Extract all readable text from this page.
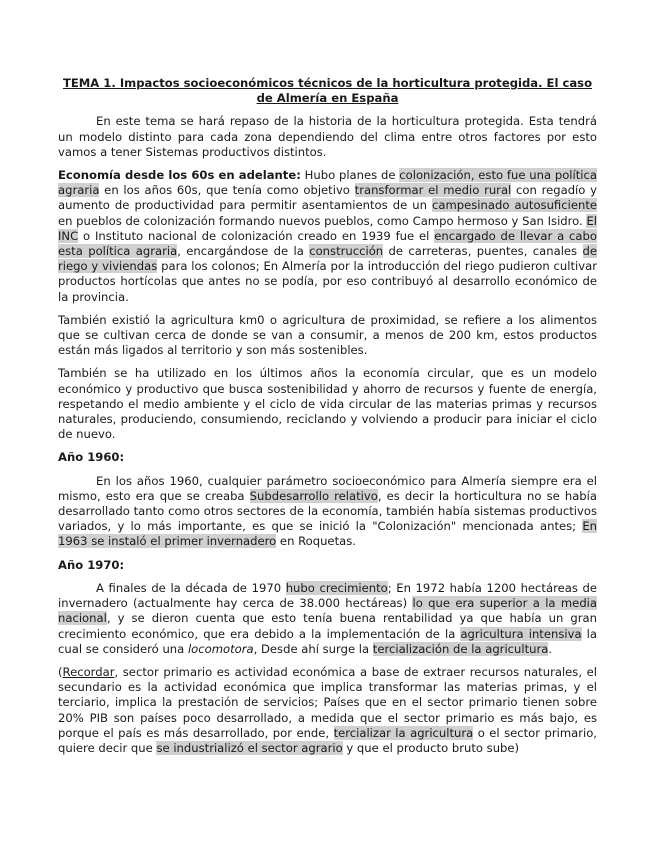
TEMA 1. Impactos socioeconómicos técnicos de la horticultura protegida. El caso de Almería en España

En este tema se hará repaso de la historia de la horticultura protegida. Esta tendrá un modelo distinto para cada zona dependiendo del clima entre otros factores por esto vamos a tener Sistemas productivos distintos.

Economía desde los 60s en adelante: Hubo planes de colonización, esto fue una política agraria en los años 60s, que tenía como objetivo transformar el medio rural con regadío y aumento de productividad para permitir asentamientos de un campesinado autosuficiente en pueblos de colonización formando nuevos pueblos, como Campo hermoso y San Isidro. El INC o Instituto nacional de colonización creado en 1939 fue el encargado de llevar a cabo esta política agraria, encargándose de la construcción de carreteras, puentes, canales de riego y viviendas para los colonos; En Almería por la introducción del riego pudieron cultivar productos hortícolas que antes no se podía, por eso contribuyó al desarrollo económico de la provincia.

También existió la agricultura km0 o agricultura de proximidad, se refiere a los alimentos que se cultivan cerca de donde se van a consumir, a menos de 200 km, estos productos están más ligados al territorio y son más sostenibles.

También se ha utilizado en los últimos años la economía circular, que es un modelo económico y productivo que busca sostenibilidad y ahorro de recursos y fuente de energía, respetando el medio ambiente y el ciclo de vida circular de las materias primas y recursos naturales, produciendo, consumiendo, reciclando y volviendo a producir para iniciar el ciclo de nuevo.

Año 1960:

En los años 1960, cualquier parámetro socioeconómico para Almería siempre era el mismo, esto era que se creaba Subdesarrollo relativo, es decir la horticultura no se había desarrollado tanto como otros sectores de la economía, también había sistemas productivos variados, y lo más importante, es que se inició la "Colonización" mencionada antes; En 1963 se instaló el primer invernadero en Roquetas.

Año 1970:

A finales de la década de 1970 hubo crecimiento; En 1972 había 1200 hectáreas de invernadero (actualmente hay cerca de 38.000 hectáreas) lo que era superior a la media nacional, y se dieron cuenta que esto tenía buena rentabilidad ya que había un gran crecimiento económico, que era debido a la implementación de la agricultura intensiva la cual se consideró una locomotora, Desde ahí surge la tercialización de la agricultura.

(Recordar, sector primario es actividad económica a base de extraer recursos naturales, el secundario es la actividad económica que implica transformar las materias primas, y el terciario, implica la prestación de servicios; Países que en el sector primario tienen sobre 20% PIB son países poco desarrollado, a medida que el sector primario es más bajo, es porque el país es más desarrollado, por ende, tercializar la agricultura o el sector primario, quiere decir que se industrializó el sector agrario y que el producto bruto sube)
